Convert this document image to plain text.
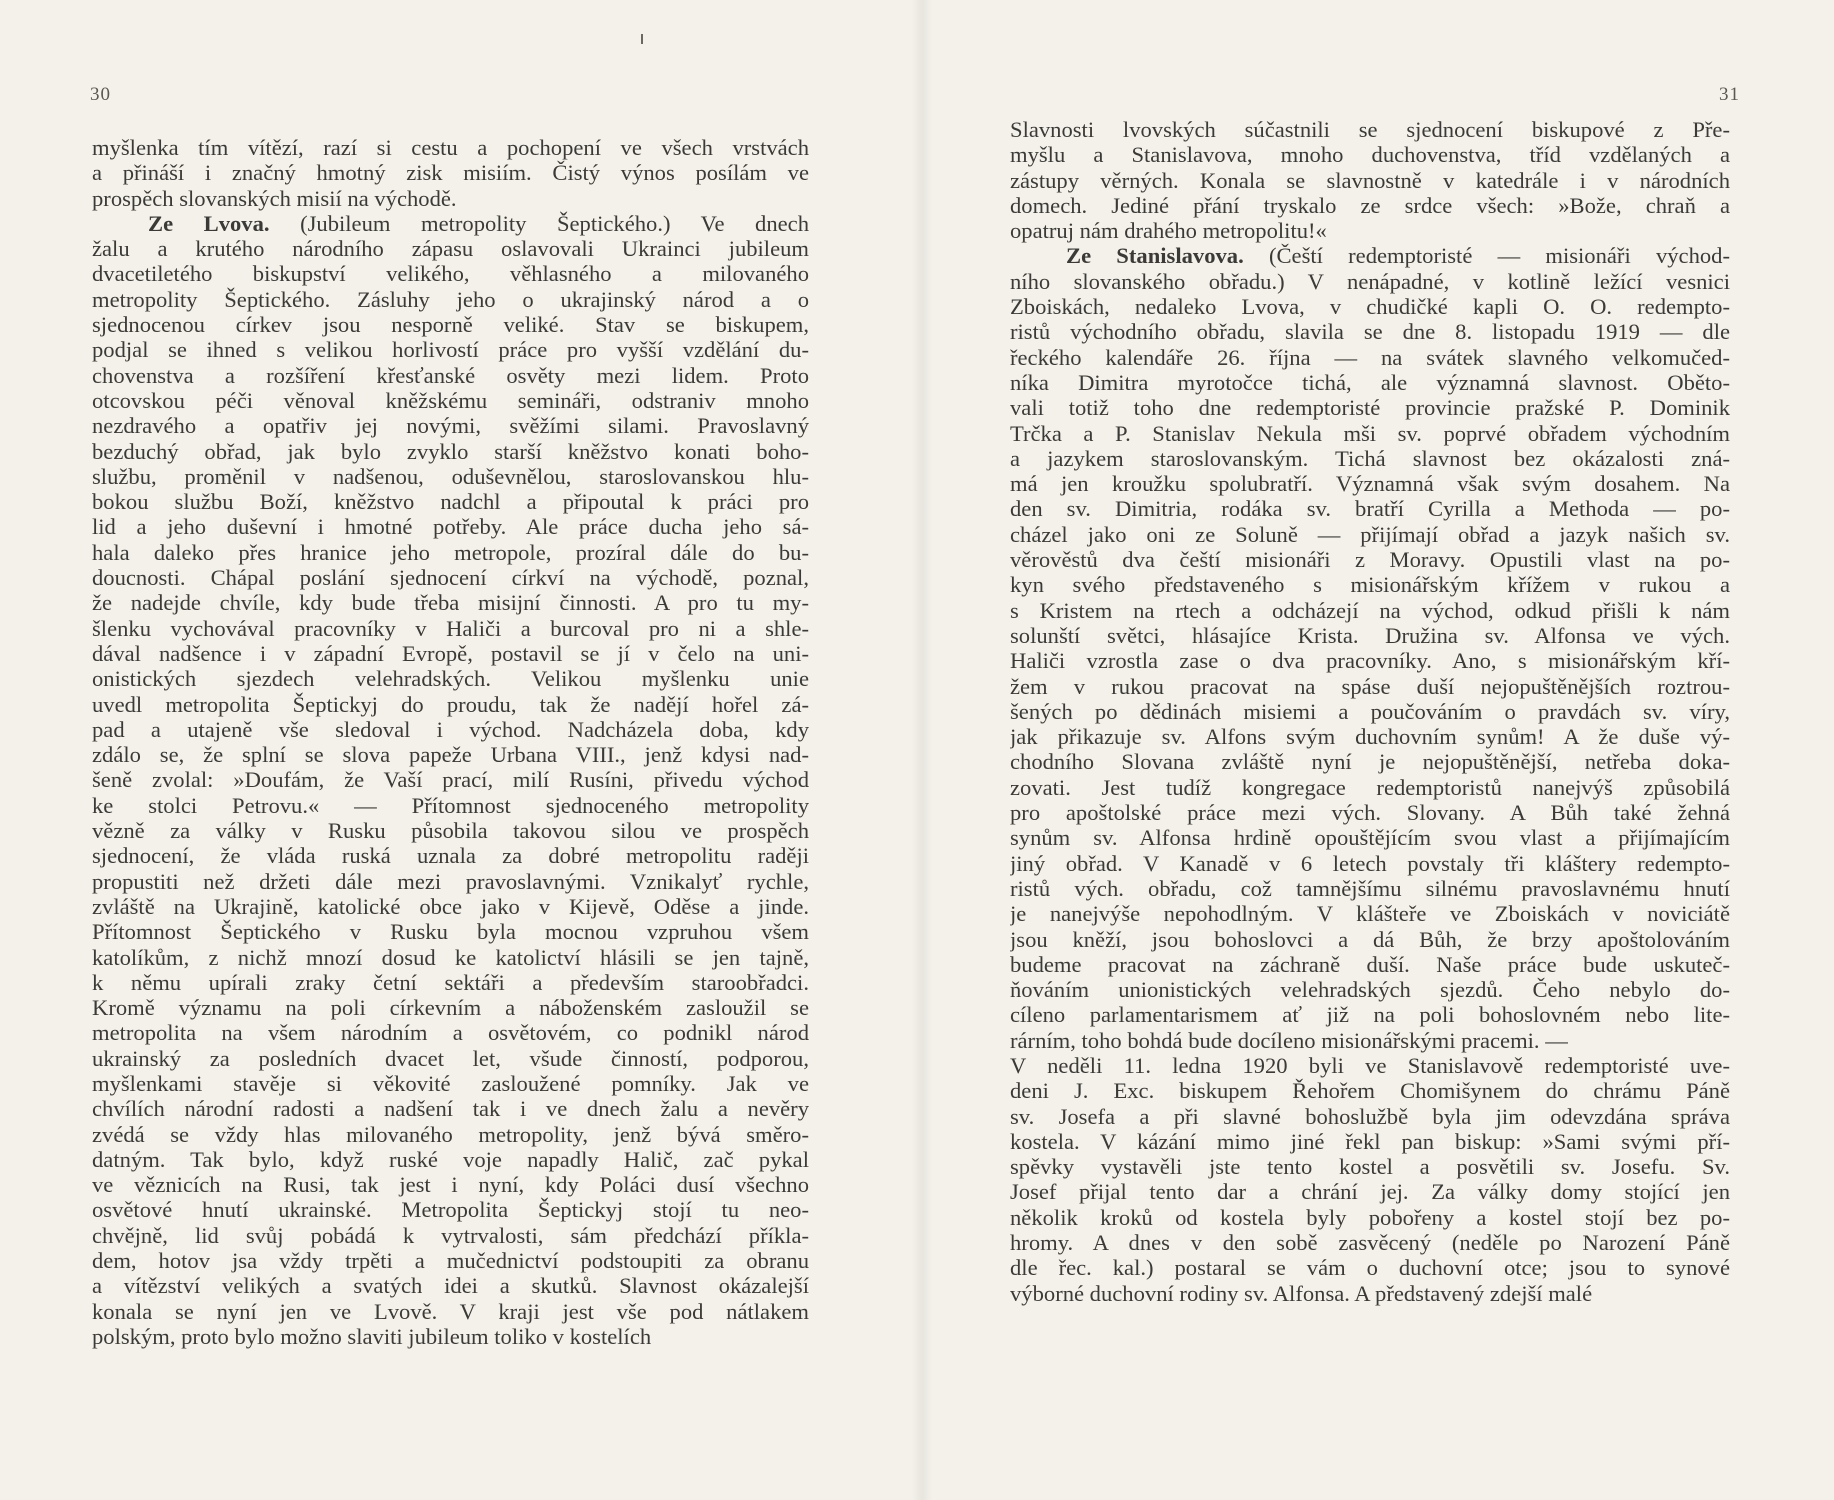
30
myšlenka tím vítězí, razí si cestu a pochopení ve všech vrstvách
a přináší i značný hmotný zisk misiím. Čistý výnos posílám ve
prospěch slovanských misií na východě.
Ze Lvova. (Jubileum metropolity Šeptického.) Ve dnech
žalu a krutého národního zápasu oslavovali Ukrainci jubileum
dvacetiletého biskupství velikého, věhlasného a milovaného
metropolity Šeptického. Zásluhy jeho o ukrajinský národ a o
sjednocenou církev jsou nesporně veliké. Stav se biskupem,
podjal se ihned s velikou horlivostí práce pro vyšší vzdělání du-
chovenstva a rozšíření křesťanské osvěty mezi lidem. Proto
otcovskou péči věnoval kněžskému semináři, odstraniv mnoho
nezdravého a opatřiv jej novými, svěžími silami. Pravoslavný
bezduchý obřad, jak bylo zvyklo starší kněžstvo konati boho-
službu, proměnil v nadšenou, oduševnělou, staroslovanskou hlu-
bokou službu Boží, kněžstvo nadchl a připoutal k práci pro
lid a jeho duševní i hmotné potřeby. Ale práce ducha jeho sá-
hala daleko přes hranice jeho metropole, prozíral dále do bu-
doucnosti. Chápal poslání sjednocení církví na východě, poznal,
že nadejde chvíle, kdy bude třeba misijní činnosti. A pro tu my-
šlenku vychovával pracovníky v Haliči a burcoval pro ni a shle-
dával nadšence i v západní Evropě, postavil se jí v čelo na uni-
onistických sjezdech velehradských. Velikou myšlenku unie
uvedl metropolita Šeptickyj do proudu, tak že nadějí hořel zá-
pad a utajeně vše sledoval i východ. Nadcházela doba, kdy
zdálo se, že splní se slova papeže Urbana VIII., jenž kdysi nad-
šeně zvolal: »Doufám, že Vaší prací, milí Rusíni, přivedu východ
ke stolci Petrovu.« — Přítomnost sjednoceného metropolity
vězně za války v Rusku působila takovou silou ve prospěch
sjednocení, že vláda ruská uznala za dobré metropolitu raději
propustiti než držeti dále mezi pravoslavnými. Vznikalyť rychle,
zvláště na Ukrajině, katolické obce jako v Kijevě, Oděse a jinde.
Přítomnost Šeptického v Rusku byla mocnou vzpruhou všem
katolíkům, z nichž mnozí dosud ke katolictví hlásili se jen tajně,
k němu upírali zraky četní sektáři a především staroobřadci.
Kromě významu na poli církevním a náboženském zasloužil se
metropolita na všem národním a osvětovém, co podnikl národ
ukrainský za posledních dvacet let, všude činností, podporou,
myšlenkami stavěje si věkovité zasloužené pomníky. Jak ve
chvílích národní radosti a nadšení tak i ve dnech žalu a nevěry
zvédá se vždy hlas milovaného metropolity, jenž bývá směro-
datným. Tak bylo, když ruské voje napadly Halič, zač pykal
ve věznicích na Rusi, tak jest i nyní, kdy Poláci dusí všechno
osvětové hnutí ukrainské. Metropolita Šeptickyj stojí tu neo-
chvějně, lid svůj pobádá k vytrvalosti, sám předchází příkla-
dem, hotov jsa vždy trpěti a mučednictví podstoupiti za obranu
a vítězství velikých a svatých idei a skutků. Slavnost okázalejší
konala se nyní jen ve Lvově. V kraji jest vše pod nátlakem
polským, proto bylo možno slaviti jubileum toliko v kostelích
31
Slavnosti lvovských súčastnili se sjednocení biskupové z Pře-
myšlu a Stanislavova, mnoho duchovenstva, tříd vzdělaných a
zástupy věrných. Konala se slavnostně v katedrále i v národních
domech. Jediné přání tryskalo ze srdce všech: »Bože, chraň a
opatruj nám drahého metropolitu!«
Ze Stanislavova. (Čeští redemptoristé — misionáři východ-
ního slovanského obřadu.) V nenápadné, v kotlině ležící vesnici
Zboiskách, nedaleko Lvova, v chudičké kapli O. O. redempto-
ristů východního obřadu, slavila se dne 8. listopadu 1919 — dle
řeckého kalendáře 26. října — na svátek slavného velkomučed-
níka Dimitra myrotočce tichá, ale významná slavnost. Oběto-
vali totiž toho dne redemptoristé provincie pražské P. Dominik
Trčka a P. Stanislav Nekula mši sv. poprvé obřadem východním
a jazykem staroslovanským. Tichá slavnost bez okázalosti zná-
má jen kroužku spolubratří. Významná však svým dosahem. Na
den sv. Dimitria, rodáka sv. bratří Cyrilla a Methoda — po-
cházel jako oni ze Soluně — přijímají obřad a jazyk našich sv.
věrověstů dva čeští misionáři z Moravy. Opustili vlast na po-
kyn svého představeného s misionářským křížem v rukou a
s Kristem na rtech a odcházejí na východ, odkud přišli k nám
solunští světci, hlásajíce Krista. Družina sv. Alfonsa ve vých.
Haliči vzrostla zase o dva pracovníky. Ano, s misionářským kří-
žem v rukou pracovat na spáse duší nejopuštěnějších roztrou-
šených po dědinách misiemi a poučováním o pravdách sv. víry,
jak přikazuje sv. Alfons svým duchovním synům! A že duše vý-
chodního Slovana zvláště nyní je nejopuštěnější, netřeba doka-
zovati. Jest tudíž kongregace redemptoristů nanejvýš způsobilá
pro apoštolské práce mezi vých. Slovany. A Bůh také žehná
synům sv. Alfonsa hrdině opouštějícím svou vlast a přijímajícím
jiný obřad. V Kanadě v 6 letech povstaly tři kláštery redempto-
ristů vých. obřadu, což tamnějšímu silnému pravoslavnému hnutí
je nanejvýše nepohodlným. V klášteře ve Zboiskách v noviciátě
jsou kněží, jsou bohoslovci a dá Bůh, že brzy apoštolováním
budeme pracovat na záchraně duší. Naše práce bude uskuteč-
ňováním unionistických velehradských sjezdů. Čeho nebylo do-
cíleno parlamentarismem ať již na poli bohoslovném nebo lite-
rárním, toho bohdá bude docíleno misionářskými pracemi. —
V neděli 11. ledna 1920 byli ve Stanislavově redemptoristé uve-
deni J. Exc. biskupem Řehořem Chomišynem do chrámu Páně
sv. Josefa a při slavné bohoslužbě byla jim odevzdána správa
kostela. V kázání mimo jiné řekl pan biskup: »Sami svými pří-
spěvky vystavěli jste tento kostel a posvětili sv. Josefu. Sv.
Josef přijal tento dar a chrání jej. Za války domy stojící jen
několik kroků od kostela byly pobořeny a kostel stojí bez po-
hromy. A dnes v den sobě zasvěcený (neděle po Narození Páně
dle řec. kal.) postaral se vám o duchovní otce; jsou to synové
výborné duchovní rodiny sv. Alfonsa. A představený zdejší malé
